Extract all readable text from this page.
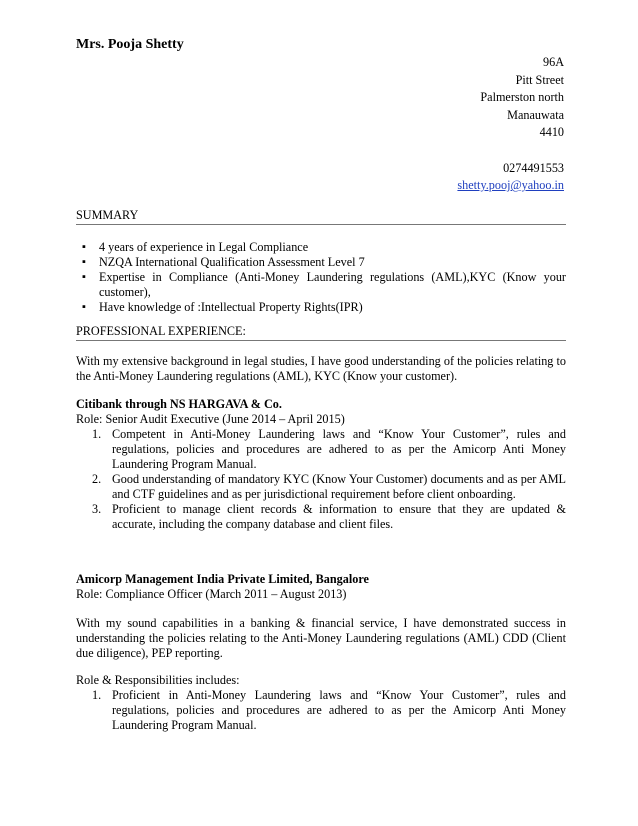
Mrs. Pooja Shetty
96A
Pitt Street
Palmerston north
Manauwata
4410
0274491553
shetty.pooj@yahoo.in
SUMMARY
▪ 4 years of experience in Legal Compliance
▪ NZQA International Qualification Assessment Level 7
▪ Expertise in Compliance (Anti-Money Laundering regulations (AML),KYC (Know your customer),
▪ Have knowledge of :Intellectual Property Rights(IPR)
PROFESSIONAL EXPERIENCE:
With my extensive background in legal studies, I have good understanding of the policies relating to the Anti-Money Laundering regulations (AML), KYC (Know your customer).
Citibank through NS HARGAVA & Co.
Role: Senior Audit Executive (June 2014 – April 2015)
1. Competent in Anti-Money Laundering laws and “Know Your Customer”, rules and regulations, policies and procedures are adhered to as per the Amicorp Anti Money Laundering Program Manual.
2. Good understanding of mandatory KYC (Know Your Customer) documents and as per AML and CTF guidelines and as per jurisdictional requirement before client onboarding.
3. Proficient to manage client records & information to ensure that they are updated & accurate, including the company database and client files.
Amicorp Management India Private Limited, Bangalore
Role: Compliance Officer (March 2011 – August 2013)
With my sound capabilities in a banking & financial service, I have demonstrated success in understanding the policies relating to the Anti-Money Laundering regulations (AML) CDD (Client due diligence), PEP reporting.
Role & Responsibilities includes:
1. Proficient in Anti-Money Laundering laws and “Know Your Customer”, rules and regulations, policies and procedures are adhered to as per the Amicorp Anti Money Laundering Program Manual.
